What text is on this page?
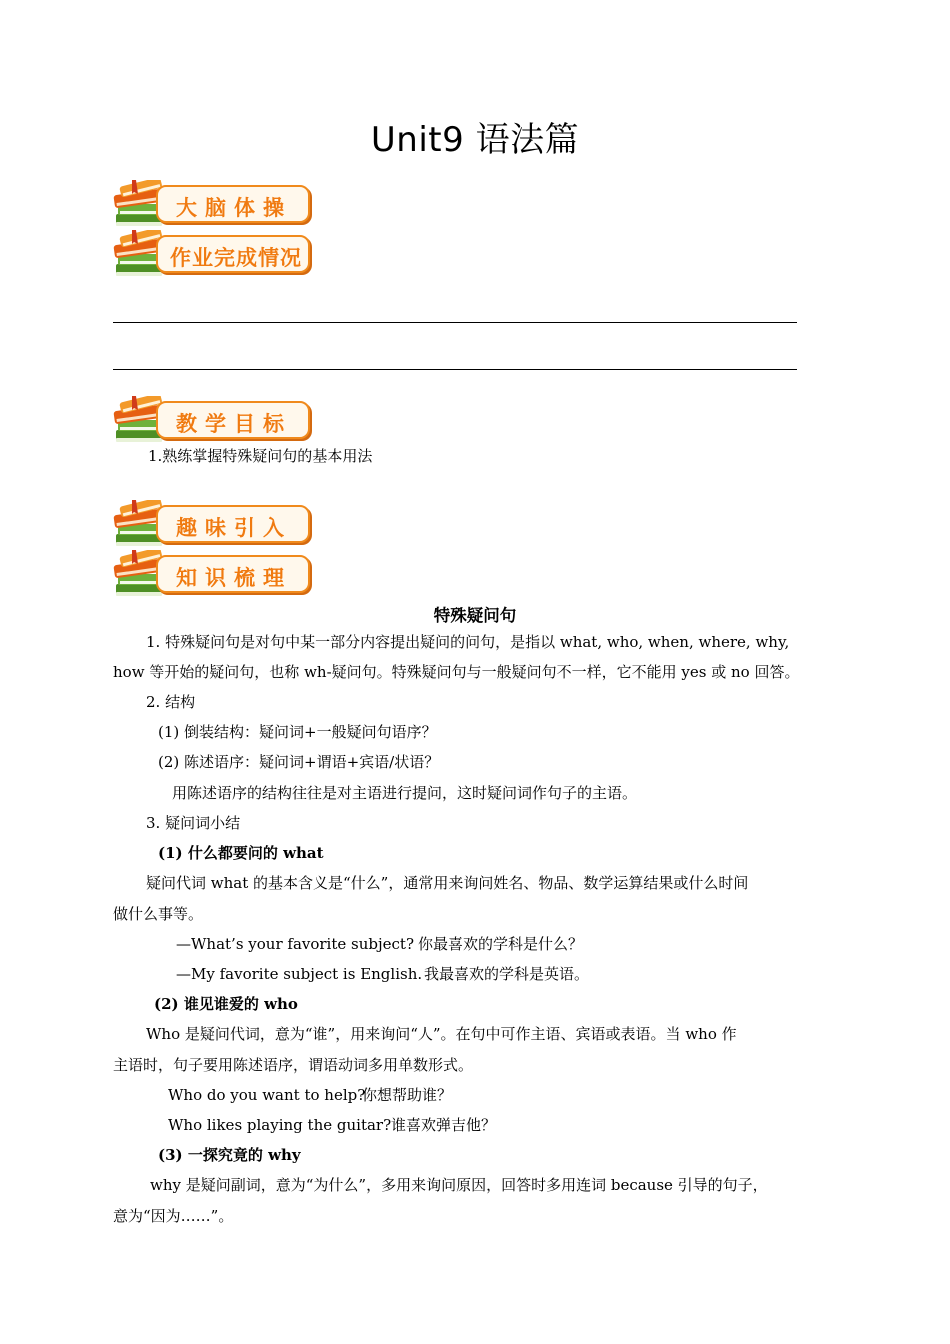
Unit9 语法篇
大脑体操
作业完成情况
教学目标
1.熟练掌握特殊疑问句的基本用法
趣味引入
知识梳理
特殊疑问句
1. 特殊疑问句是对句中某一部分内容提出疑问的问句，是指以 what, who, when, where, why,
how 等开始的疑问句，也称 wh-疑问句。特殊疑问句与一般疑问句不一样，它不能用 yes 或 no 回答。
2. 结构
(1) 倒装结构：疑问词+一般疑问句语序？
(2) 陈述语序：疑问词+谓语+宾语/状语？
用陈述语序的结构往往是对主语进行提问，这时疑问词作句子的主语。
3. 疑问词小结
(1) 什么都要问的 what
疑问代词 what 的基本含义是“什么”，通常用来询问姓名、物品、数学运算结果或什么时间
做什么事等。
—What’s your favorite subject? 你最喜欢的学科是什么？
—My favorite subject is English. 我最喜欢的学科是英语。
(2) 谁见谁爱的 who
Who 是疑问代词，意为“谁”，用来询问“人”。在句中可作主语、宾语或表语。当 who 作
主语时，句子要用陈述语序，谓语动词多用单数形式。
Who do you want to help?
你想帮助谁？
Who likes playing the guitar? 谁喜欢弹吉他？
(3) 一探究竟的 why
why 是疑问副词，意为“为什么”，多用来询问原因，回答时多用连词 because 引导的句子，
意为“因为……”。
